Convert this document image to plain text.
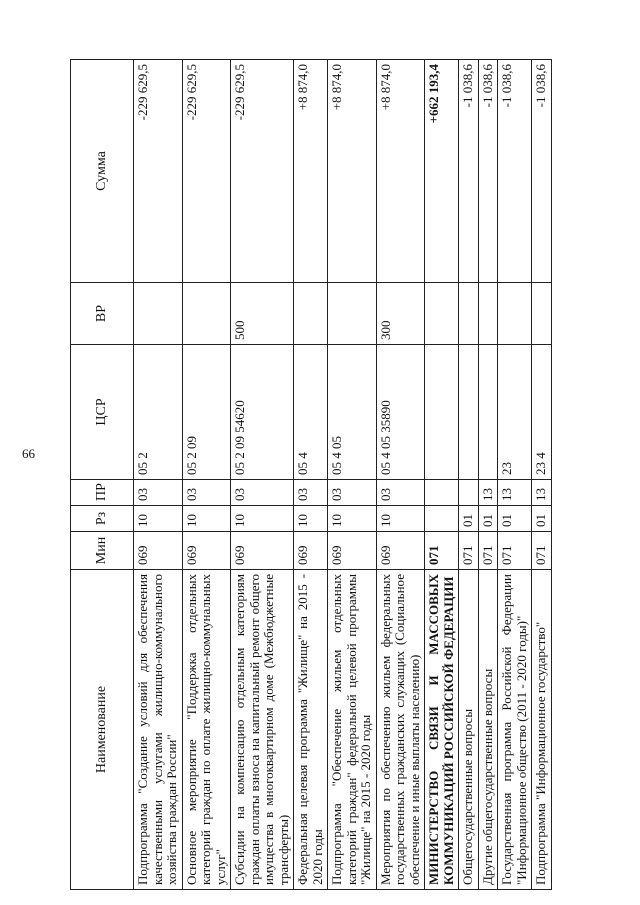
66
Наименование	Мин	Рз	ПР	ЦСР	ВР	Сумма
Подпрограмма "Создание условий для обеспечения качественными услугами жилищно-коммунального хозяйства граждан России"	069	10	03	05 2		-229 629,5
Основное мероприятие "Поддержка отдельных категорий граждан по оплате жилищно-коммунальных услуг"	069	10	03	05 2 09		-229 629,5
Субсидии на компенсацию отдельным категориям граждан оплаты взноса на капитальный ремонт общего имущества в многоквартирном доме (Межбюджетные трансферты)	069	10	03	05 2 09 54620	500	-229 629,5
Федеральная целевая программа "Жилище" на 2015 - 2020 годы	069	10	03	05 4		+8 874,0
Подпрограмма "Обеспечение жильем отдельных категорий граждан" федеральной целевой программы "Жилище" на 2015 - 2020 годы	069	10	03	05 4 05		+8 874,0
Мероприятия по обеспечению жильем федеральных государственных гражданских служащих (Социальное обеспечение и иные выплаты населению)	069	10	03	05 4 05 35890	300	+8 874,0
МИНИСТЕРСТВО СВЯЗИ И МАССОВЫХ КОММУНИКАЦИЙ РОССИЙСКОЙ ФЕДЕРАЦИИ	071					+662 193,4
Общегосударственные вопросы	071	01				-1 038,6
Другие общегосударственные вопросы	071	01	13			-1 038,6
Государственная программа Российской Федерации "Информационное общество (2011 - 2020 годы)"	071	01	13	23		-1 038,6
Подпрограмма "Информационное государство"	071	01	13	23 4		-1 038,6
